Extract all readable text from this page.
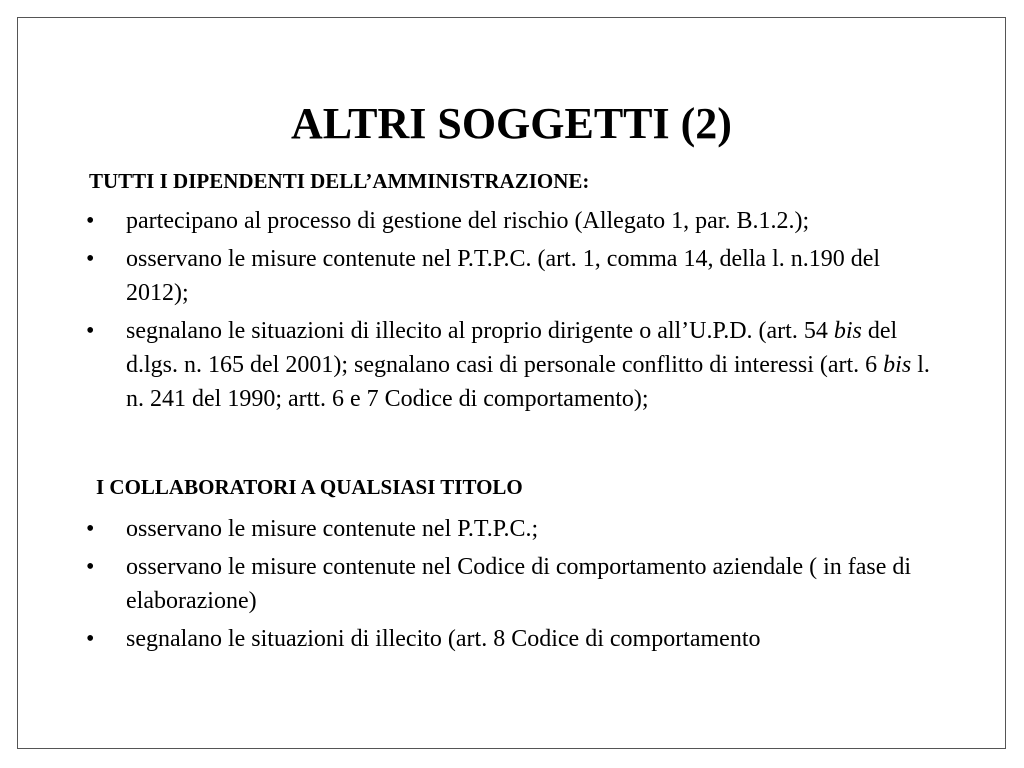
ALTRI SOGGETTI (2)
TUTTI I DIPENDENTI DELL’AMMINISTRAZIONE:
• partecipano al processo di gestione del rischio (Allegato 1, par. B.1.2.);
• osservano le misure contenute nel P.T.P.C. (art. 1, comma 14, della l. n.190 del 2012);
• segnalano le situazioni di illecito al proprio dirigente o all’U.P.D. (art. 54 bis del d.lgs. n. 165 del 2001); segnalano casi di personale conflitto di interessi (art. 6 bis l. n. 241 del 1990; artt. 6 e 7 Codice di comportamento);
I COLLABORATORI A QUALSIASI TITOLO
• osservano le misure contenute nel P.T.P.C.;
• osservano le misure contenute nel Codice di comportamento aziendale ( in fase di elaborazione)
• segnalano le situazioni di illecito (art. 8 Codice di comportamento
